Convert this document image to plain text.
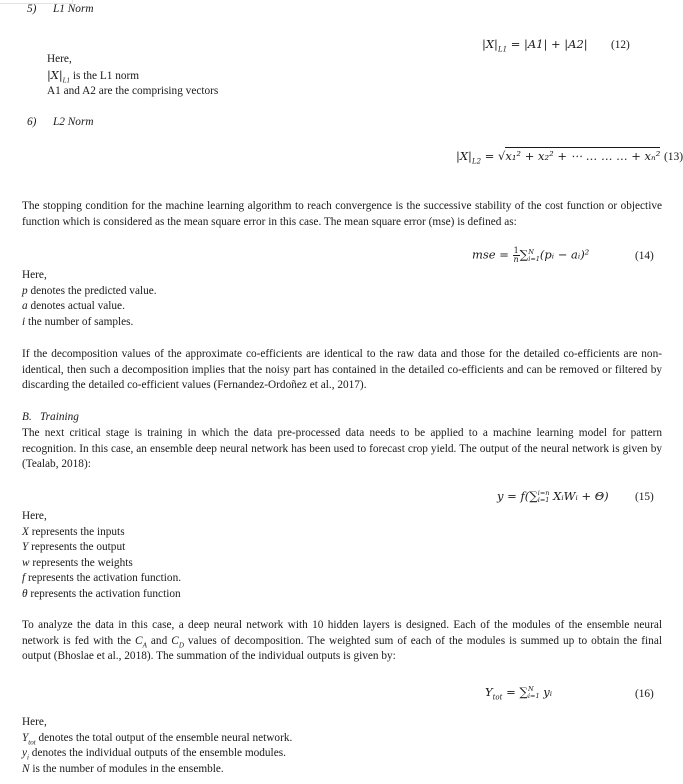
5) L1 Norm
$|X|_{L1} = |A1| + |A2|$ (12)
Here,
$|X|_{L1}$ is the L1 norm
A1 and A2 are the comprising vectors
6) L2 Norm
$|X|_{L2} = √x_1^2 + x_2^2$ + ⋯ … … … + xₙ² (13)
The stopping condition for the machine learning algorithm to reach convergence is the successive stability of the cost function or objective function which is considered as the mean square error in this case. The mean square error (mse) is defined as:
mse = $\frac{1}{n}$ ∑ N
i=1 (pᵢ − aᵢ)²	(14)
Here,
p denotes the predicted value.
a denotes actual value.
i the number of samples.
If the decomposition values of the approximate co-efficients are identical to the raw data and those for the detailed co-efficients are non-identical, then such a decomposition implies that the noisy part has contained in the detailed co-efficients and can be removed or filtered by discarding the detailed co-efficient values (Fernandez-Ordoñez et al., 2017).
B. Training
The next critical stage is training in which the data pre-processed data needs to be applied to a machine learning model for pattern recognition. In this case, an ensemble deep neural network has been used to forecast crop yield. The output of the neural network is given by (Tealab, 2018):
y = f(∑ i=n
i=1 XᵢWᵢ + Θ) (15)
Here,
X represents the inputs
Y represents the output
w represents the weights
f represents the activation function.
θ represents the activation function
To analyze the data in this case, a deep neural network with 10 hidden layers is designed. Each of the modules of the ensemble neural network is fed with the $C_A$ and $C_D$ values of decomposition. The weighted sum of each of the modules is summed up to obtain the final output (Bhoslae et al., 2018). The summation of the individual outputs is given by:
$Y_{tot}$ = ∑ N
i=1 yᵢ	(16)
Here,
$Y_{tot}$ denotes the total output of the ensemble neural network.
$y_i$ denotes the individual outputs of the ensemble modules.
N is the number of modules in the ensemble.
